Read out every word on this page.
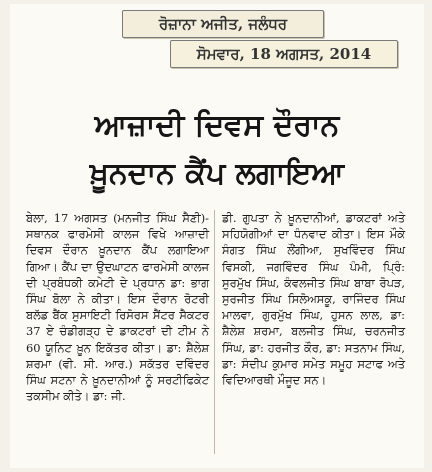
ਰੋਜ਼ਾਨਾ ਅਜੀਤ, ਜਲੰਧਰ
ਸੋਮਵਾਰ, 18 ਅਗਸਤ, 2014
ਆਜ਼ਾਦੀ ਦਿਵਸ ਦੌਰਾਨ
ਖ਼ੂਨਦਾਨ ਕੈਂਪ ਲਗਾਇਆ

ਬੇਲਾ, 17 ਅਗਸਤ (ਮਨਜੀਤ ਸਿੰਘ ਸੈਣੀ)-ਸਥਾਨਕ ਫਾਰਮੇਸੀ ਕਾਲਜ ਵਿਖੇ ਆਜ਼ਾਦੀ ਦਿਵਸ ਦੌਰਾਨ ਖ਼ੂਨਦਾਨ ਕੈਂਪ ਲਗਾਇਆ ਗਿਆ। ਕੈਂਪ ਦਾ ਉਦਘਾਟਨ ਫਾਰਮੇਸੀ ਕਾਲਜ ਦੀ ਪ੍ਰਬੰਧਕੀ ਕਮੇਟੀ ਦੇ ਪ੍ਰਧਾਨ ਡਾ: ਭਾਗ ਸਿੰਘ ਬੋਲਾ ਨੇ ਕੀਤਾ। ਇਸ ਦੌਰਾਨ ਰੋਟਰੀ ਬਲੱਡ ਬੈਂਕ ਸੁਸਾਇਟੀ ਰਿਸੋਰਸ ਸੈਂਟਰ ਸੈਕਟਰ 37 ਏ ਚੰਡੀਗੜ੍ਹ ਦੇ ਡਾਕਟਰਾਂ ਦੀ ਟੀਮ ਨੇ 60 ਯੂਨਿਟ ਖ਼ੂਨ ਇਕੱਤਰ ਕੀਤਾ। ਡਾ: ਸ਼ੈਲੇਸ਼ ਸ਼ਰਮਾ (ਵੀ. ਸੀ. ਆਰ.) ਸਕੱਤਰ ਦਵਿੰਦਰ ਸਿੰਘ ਸਟਨਾ ਨੇ ਖ਼ੂਨਦਾਨੀਆਂ ਨੂੰ ਸਰਟੀਫਿਕੇਟ ਤਕਸੀਮ ਕੀਤੇ। ਡਾ: ਜੀ.

ਡੀ. ਗੁਪਤਾ ਨੇ ਖ਼ੂਨਦਾਨੀਆਂ, ਡਾਕਟਰਾਂ ਅਤੇ ਸਹਿਯੋਗੀਆਂ ਦਾ ਧੰਨਵਾਦ ਕੀਤਾ। ਇਸ ਮੌਕੇ ਸੰਗਤ ਸਿੰਘ ਲੌਂਗੀਆ, ਸੁਖਵਿੰਦਰ ਸਿੰਘ ਵਿਸਕੀ, ਜਗਵਿੰਦਰ ਸਿੰਘ ਪੰਮੀ, ਪ੍ਰਿੰ: ਸੁਰਮੁੱਖ ਸਿੰਘ, ਕੰਵਲਜੀਤ ਸਿੰਘ ਬਾਬਾ ਰੋਪੜ, ਸੁਰਜੀਤ ਸਿੰਘ ਸਿਲੋਅਸਕੂ, ਰਾਜਿੰਦਰ ਸਿੰਘ ਮਾਲਵਾ, ਗੁਰਮੁੱਖ ਸਿੰਘ, ਹੁਸਨ ਲਾਲ, ਡਾ: ਸ਼ੈਲੇਸ਼ ਸ਼ਰਮਾ, ਬਲਜੀਤ ਸਿੰਘ, ਚਰਨਜੀਤ ਸਿੰਘ, ਡਾ: ਹਰਜੀਤ ਕੌਰ, ਡਾ: ਸਤਨਾਮ ਸਿੰਘ, ਡਾ: ਸੰਦੀਪ ਕੁਮਾਰ ਸਮੇਤ ਸਮੂਹ ਸਟਾਫ ਅਤੇ ਵਿਦਿਆਰਥੀ ਮੌਜੂਦ ਸਨ।
